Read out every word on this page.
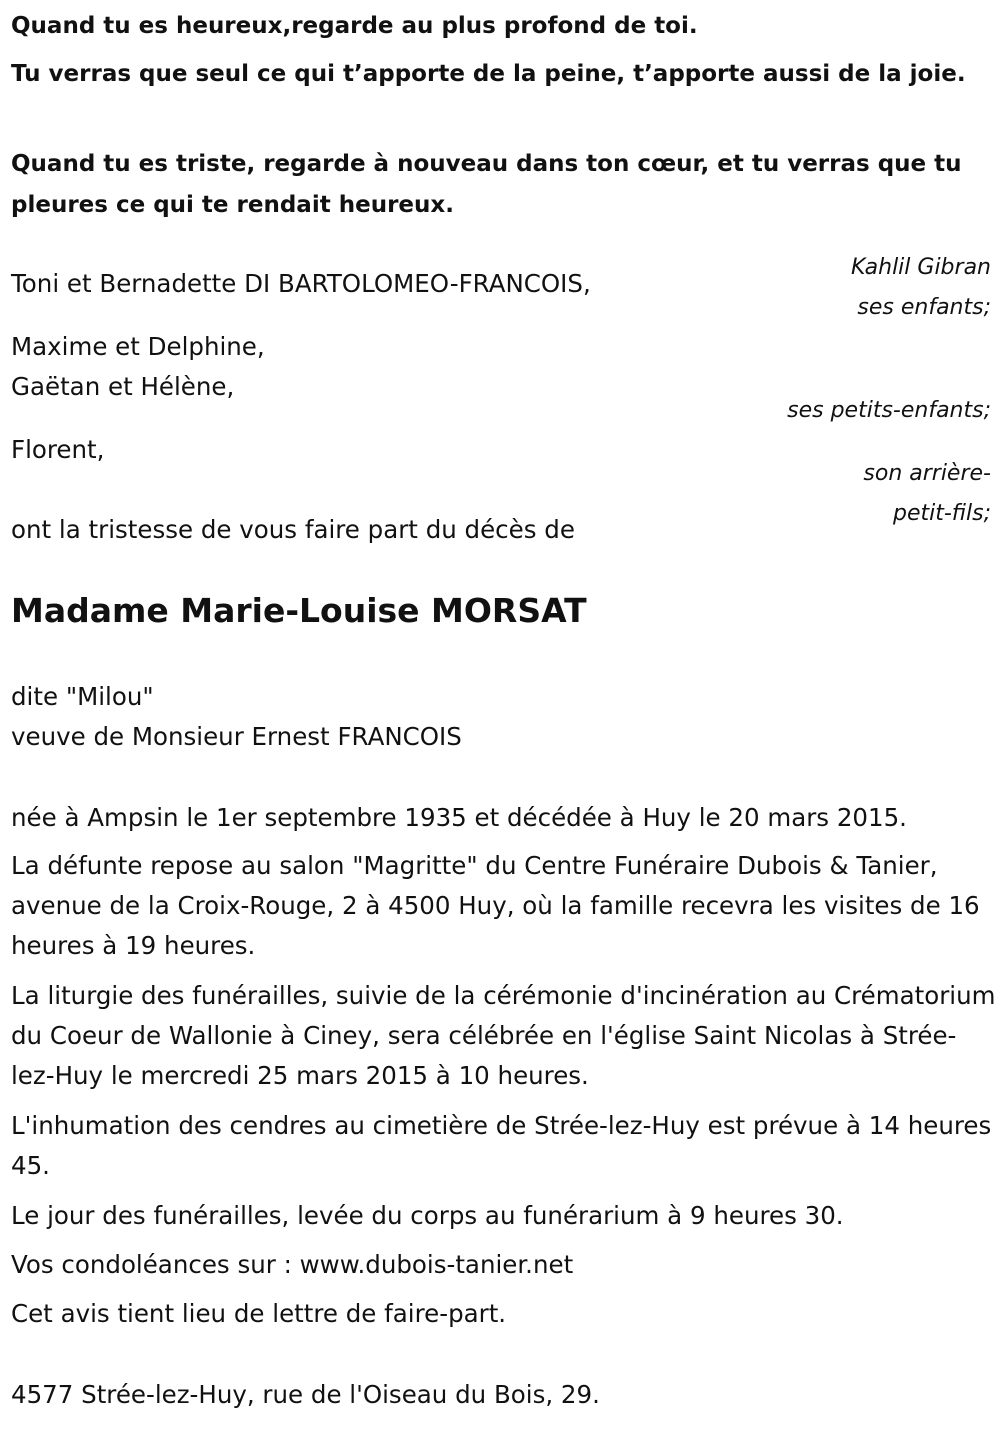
Quand tu es heureux,regarde au plus profond de toi.

Tu verras que seul ce qui t’apporte de la peine, t’apporte aussi de la joie.

Quand tu es triste, regarde à nouveau dans ton cœur, et tu verras que tu pleures ce qui te rendait heureux.

Kahlil Gibran

ses enfants;

ses petits-enfants;

son arrière-

petit-fils;

Toni et Bernadette DI BARTOLOMEO-FRANCOIS,

Maxime et Delphine,

Gaëtan et Hélène,

Florent,

ont la tristesse de vous faire part du décès de

Madame Marie-Louise MORSAT

dite "Milou"

veuve de Monsieur Ernest FRANCOIS

née à Ampsin le 1er septembre 1935 et décédée à Huy le 20 mars 2015.

La défunte repose au salon "Magritte" du Centre Funéraire Dubois & Tanier, avenue de la Croix-Rouge, 2 à 4500 Huy, où la famille recevra les visites de 16 heures à 19 heures.

La liturgie des funérailles, suivie de la cérémonie d'incinération au Crématorium du Coeur de Wallonie à Ciney, sera célébrée en l'église Saint Nicolas à Strée-lez-Huy le mercredi 25 mars 2015 à 10 heures.

L'inhumation des cendres au cimetière de Strée-lez-Huy est prévue à 14 heures 45.

Le jour des funérailles, levée du corps au funérarium à 9 heures 30.

Vos condoléances sur : www.dubois-tanier.net

Cet avis tient lieu de lettre de faire-part.

4577 Strée-lez-Huy, rue de l'Oiseau du Bois, 29.
